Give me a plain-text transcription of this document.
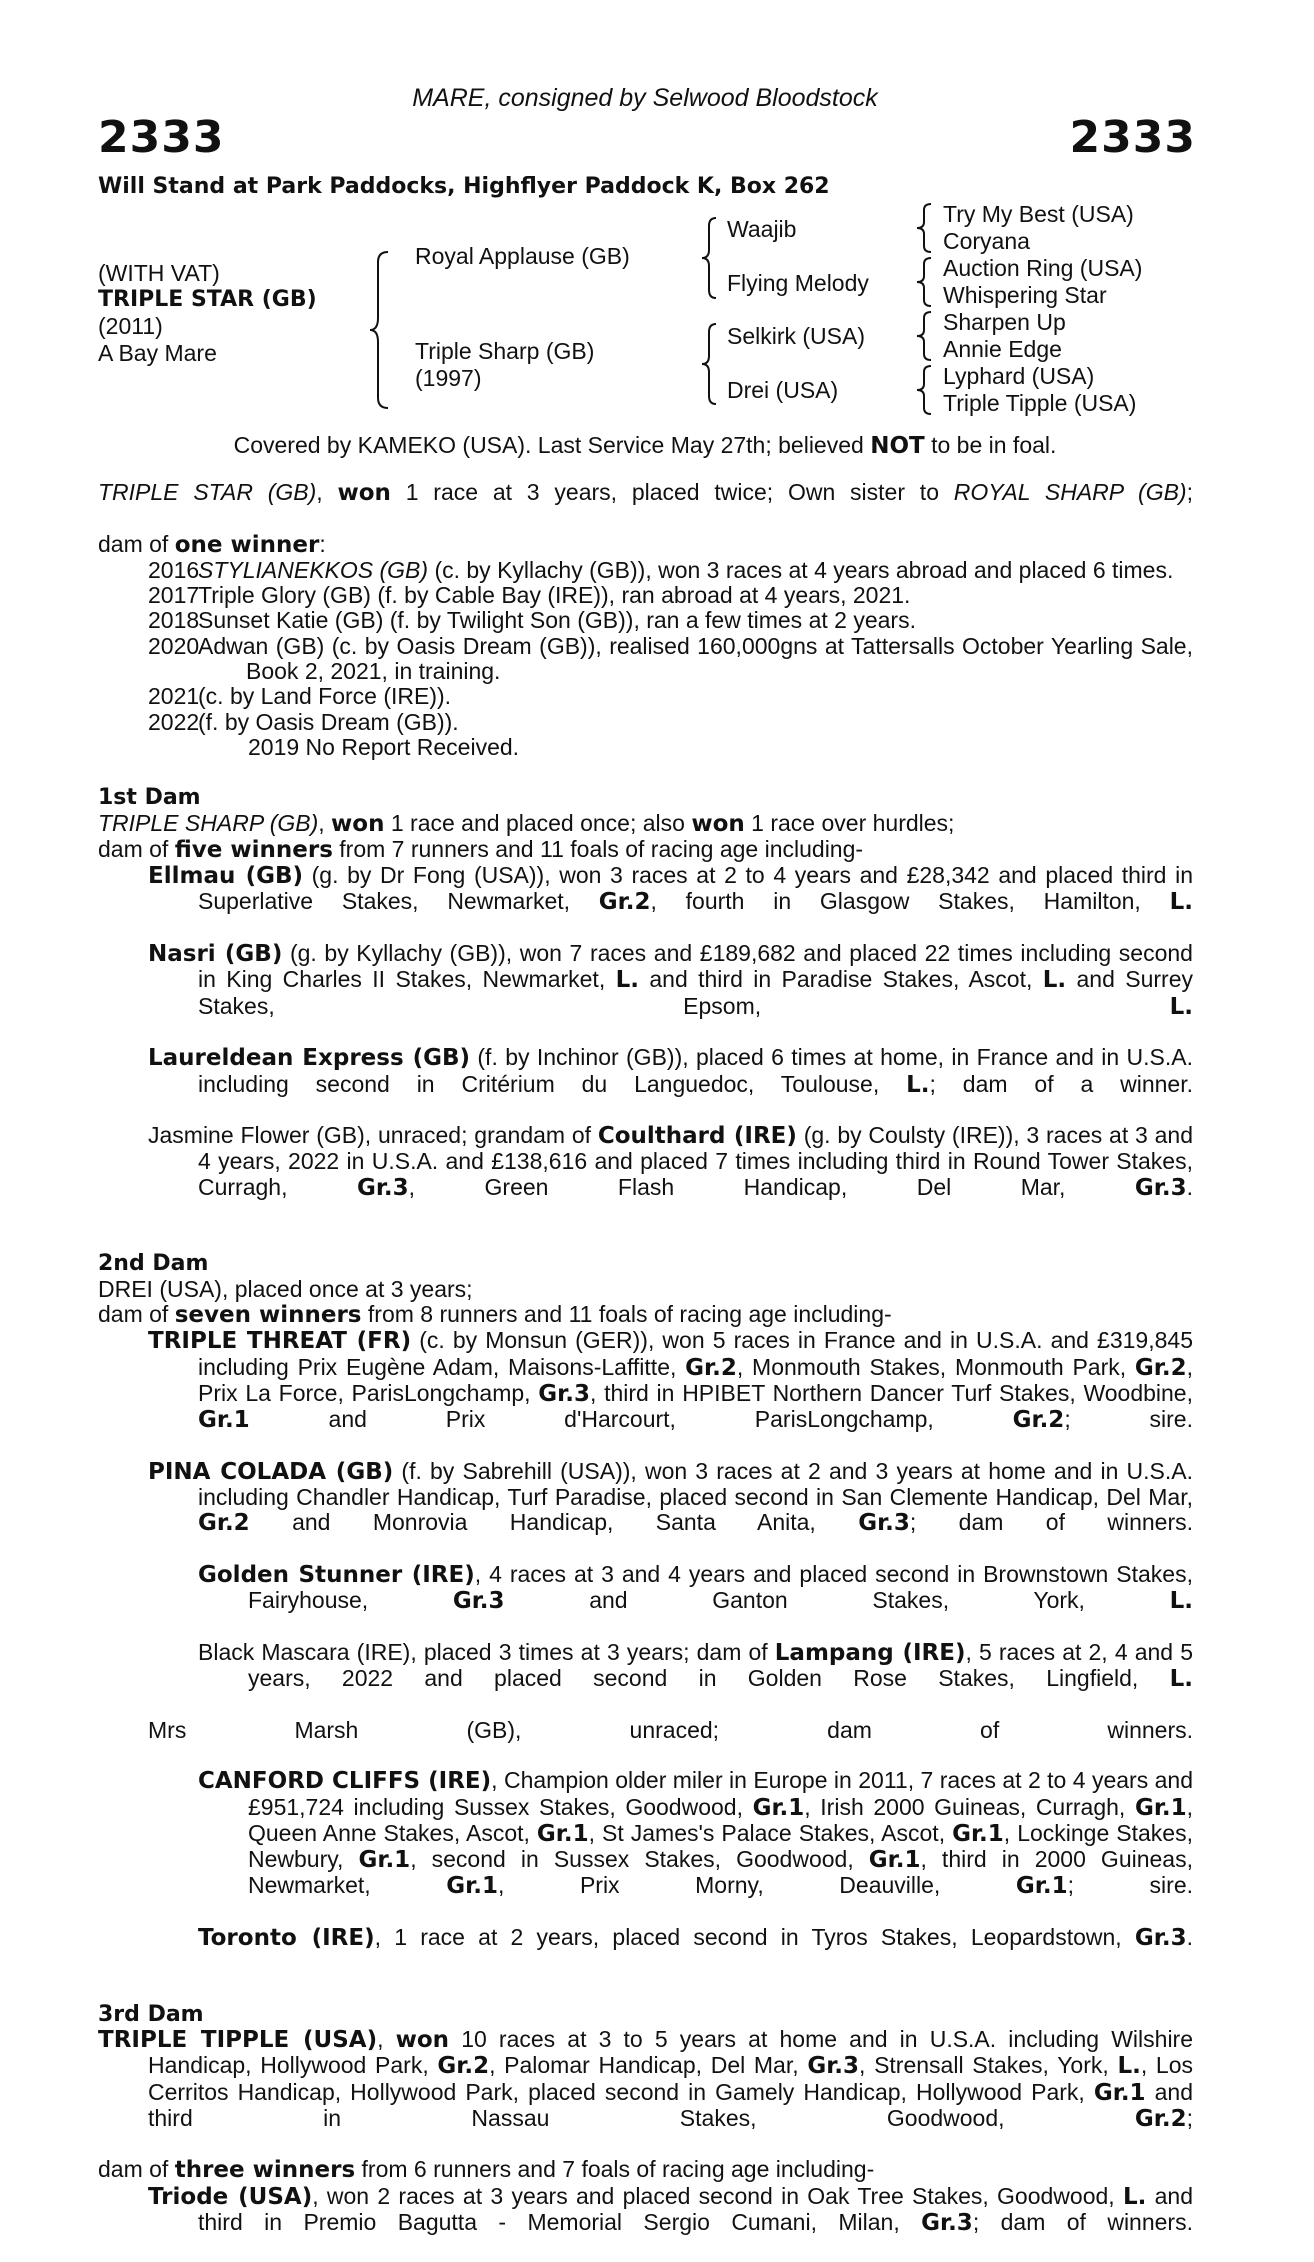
MARE, consigned by Selwood Bloodstock
2333	2333
Will Stand at Park Paddocks, Highflyer Paddock K, Box 262
(WITH VAT)
TRIPLE STAR (GB)
(2011)
A Bay Mare
Royal Applause (GB)
Triple Sharp (GB)
(1997)
Waajib
Flying Melody
Selkirk (USA)
Drei (USA)
Try My Best (USA)
Coryana
Auction Ring (USA)
Whispering Star
Sharpen Up
Annie Edge
Lyphard (USA)
Triple Tipple (USA)
Covered by KAMEKO (USA). Last Service May 27th; believed NOT to be in foal.
TRIPLE STAR (GB), won 1 race at 3 years, placed twice; Own sister to ROYAL SHARP (GB);
dam of one winner:
2016
STYLIANEKKOS (GB) (c. by Kyllachy (GB)), won 3 races at 4 years abroad and placed 6 times.
2017
Triple Glory (GB) (f. by Cable Bay (IRE)), ran abroad at 4 years, 2021.
2018
Sunset Katie (GB) (f. by Twilight Son (GB)), ran a few times at 2 years.
2020
Adwan (GB) (c. by Oasis Dream (GB)), realised 160,000gns at Tattersalls October Yearling Sale, Book 2, 2021, in training.
2021
(c. by Land Force (IRE)).
2022
(f. by Oasis Dream (GB)).
2019 No Report Received.
1st Dam
TRIPLE SHARP (GB), won 1 race and placed once; also won 1 race over hurdles;
dam of five winners from 7 runners and 11 foals of racing age including-
Ellmau (GB) (g. by Dr Fong (USA)), won 3 races at 2 to 4 years and £28,342 and placed third in Superlative Stakes, Newmarket, Gr.2, fourth in Glasgow Stakes, Hamilton, L.
Nasri (GB) (g. by Kyllachy (GB)), won 7 races and £189,682 and placed 22 times including second in King Charles II Stakes, Newmarket, L. and third in Paradise Stakes, Ascot, L. and Surrey Stakes, Epsom, L.
Laureldean Express (GB) (f. by Inchinor (GB)), placed 6 times at home, in France and in U.S.A. including second in Critérium du Languedoc, Toulouse, L.; dam of a winner.
Jasmine Flower (GB), unraced; grandam of Coulthard (IRE) (g. by Coulsty (IRE)), 3 races at 3 and 4 years, 2022 in U.S.A. and £138,616 and placed 7 times including third in Round Tower Stakes, Curragh, Gr.3, Green Flash Handicap, Del Mar, Gr.3.
2nd Dam
DREI (USA), placed once at 3 years;
dam of seven winners from 8 runners and 11 foals of racing age including-
TRIPLE THREAT (FR) (c. by Monsun (GER)), won 5 races in France and in U.S.A. and £319,845 including Prix Eugène Adam, Maisons-Laffitte, Gr.2, Monmouth Stakes, Monmouth Park, Gr.2, Prix La Force, ParisLongchamp, Gr.3, third in HPIBET Northern Dancer Turf Stakes, Woodbine, Gr.1 and Prix d'Harcourt, ParisLongchamp, Gr.2; sire.
PINA COLADA (GB) (f. by Sabrehill (USA)), won 3 races at 2 and 3 years at home and in U.S.A. including Chandler Handicap, Turf Paradise, placed second in San Clemente Handicap, Del Mar, Gr.2 and Monrovia Handicap, Santa Anita, Gr.3; dam of winners.
Golden Stunner (IRE), 4 races at 3 and 4 years and placed second in Brownstown Stakes, Fairyhouse, Gr.3 and Ganton Stakes, York, L.
Black Mascara (IRE), placed 3 times at 3 years; dam of Lampang (IRE), 5 races at 2, 4 and 5 years, 2022 and placed second in Golden Rose Stakes, Lingfield, L.
Mrs Marsh (GB), unraced; dam of winners.
CANFORD CLIFFS (IRE), Champion older miler in Europe in 2011, 7 races at 2 to 4 years and £951,724 including Sussex Stakes, Goodwood, Gr.1, Irish 2000 Guineas, Curragh, Gr.1, Queen Anne Stakes, Ascot, Gr.1, St James's Palace Stakes, Ascot, Gr.1, Lockinge Stakes, Newbury, Gr.1, second in Sussex Stakes, Goodwood, Gr.1, third in 2000 Guineas, Newmarket, Gr.1, Prix Morny, Deauville, Gr.1; sire.
Toronto (IRE), 1 race at 2 years, placed second in Tyros Stakes, Leopardstown, Gr.3.
3rd Dam
TRIPLE TIPPLE (USA), won 10 races at 3 to 5 years at home and in U.S.A. including Wilshire Handicap, Hollywood Park, Gr.2, Palomar Handicap, Del Mar, Gr.3, Strensall Stakes, York, L., Los Cerritos Handicap, Hollywood Park, placed second in Gamely Handicap, Hollywood Park, Gr.1 and third in Nassau Stakes, Goodwood, Gr.2;
dam of three winners from 6 runners and 7 foals of racing age including-
Triode (USA), won 2 races at 3 years and placed second in Oak Tree Stakes, Goodwood, L. and third in Premio Bagutta - Memorial Sergio Cumani, Milan, Gr.3; dam of winners.
